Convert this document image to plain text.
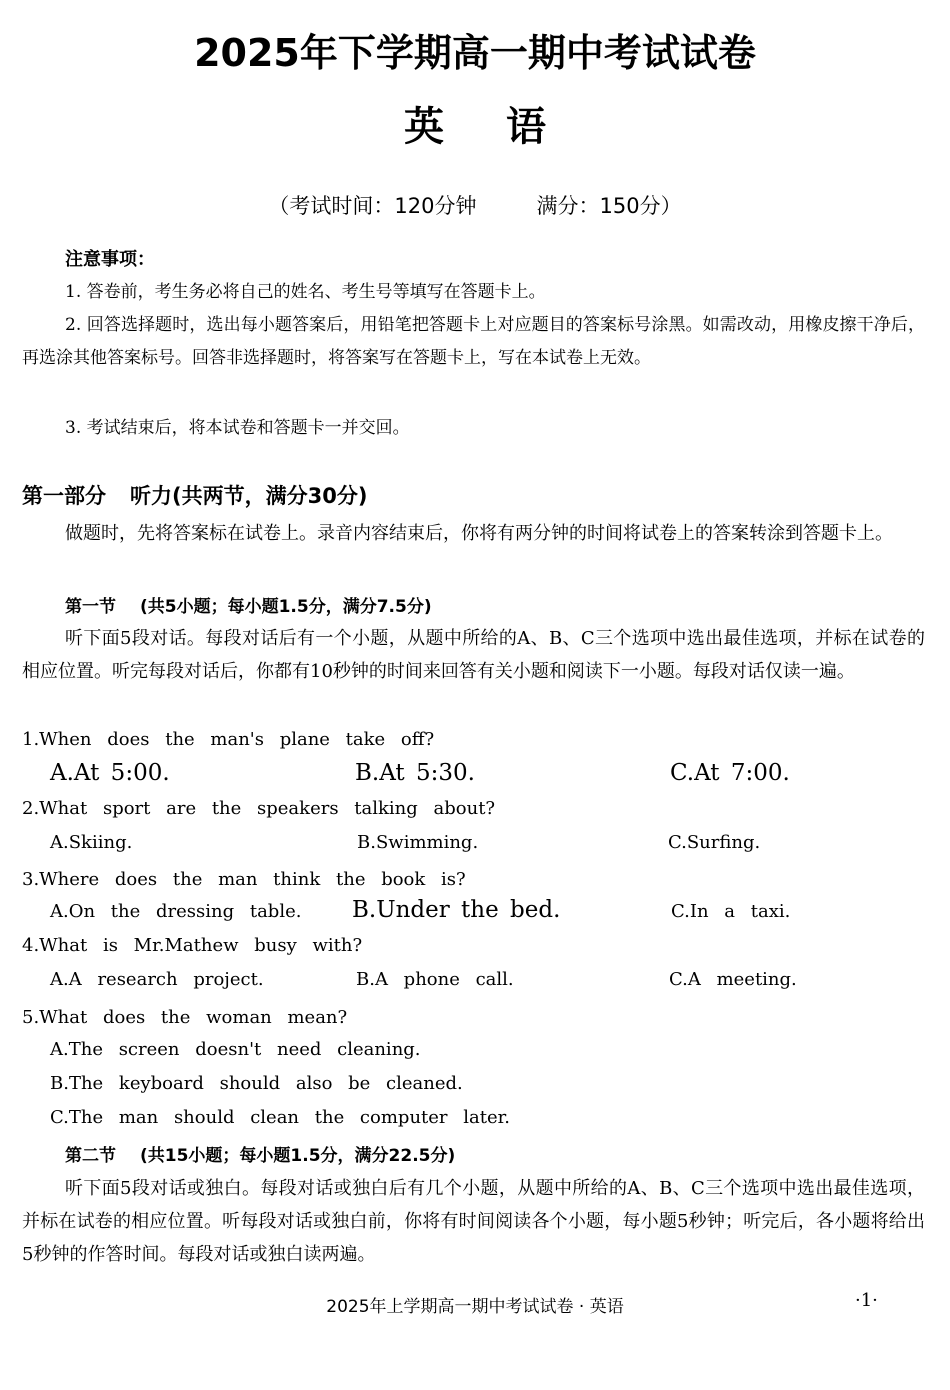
2025年下学期高一期中考试试卷
英 语
（考试时间：120分钟	满分：150分）
注意事项：
1. 答卷前，考生务必将自己的姓名、考生号等填写在答题卡上。
2. 回答选择题时，选出每小题答案后，用铅笔把答题卡上对应题目的答案标号涂黑。如需改动，用橡皮擦干净后，再选涂其他答案标号。回答非选择题时，将答案写在答题卡上，写在本试卷上无效。
3. 考试结束后，将本试卷和答题卡一并交回。
第一部分 听力(共两节，满分30分)
做题时，先将答案标在试卷上。录音内容结束后，你将有两分钟的时间将试卷上的答案转涂到答题卡上。
第一节 (共5小题；每小题1.5分，满分7.5分)
听下面5段对话。每段对话后有一个小题，从题中所给的A、B、C三个选项中选出最佳选项，并标在试卷的相应位置。听完每段对话后，你都有10秒钟的时间来回答有关小题和阅读下一小题。每段对话仅读一遍。
1.When does the man's plane take off?
A.At 5:00.	B.At 5:30.	C.At 7:00.
2.What sport are the speakers talking about?
A.Skiing.	B.Swimming.	C.Surfing.
3.Where does the man think the book is?
A.On the dressing table. B.Under the bed.	C.In a taxi.
4.What is Mr.Mathew busy with?
A.A research project.	B.A phone call.	C.A meeting.
5.What does the woman mean?
A.The screen doesn't need cleaning.
B.The keyboard should also be cleaned.
C.The man should clean the computer later.
第二节 (共15小题；每小题1.5分，满分22.5分)
听下面5段对话或独白。每段对话或独白后有几个小题，从题中所给的A、B、C三个选项中选出最佳选项，并标在试卷的相应位置。听每段对话或独白前，你将有时间阅读各个小题，每小题5秒钟；听完后，各小题将给出5秒钟的作答时间。每段对话或独白读两遍。
2025年上学期高一期中考试试卷 · 英语	·1·
